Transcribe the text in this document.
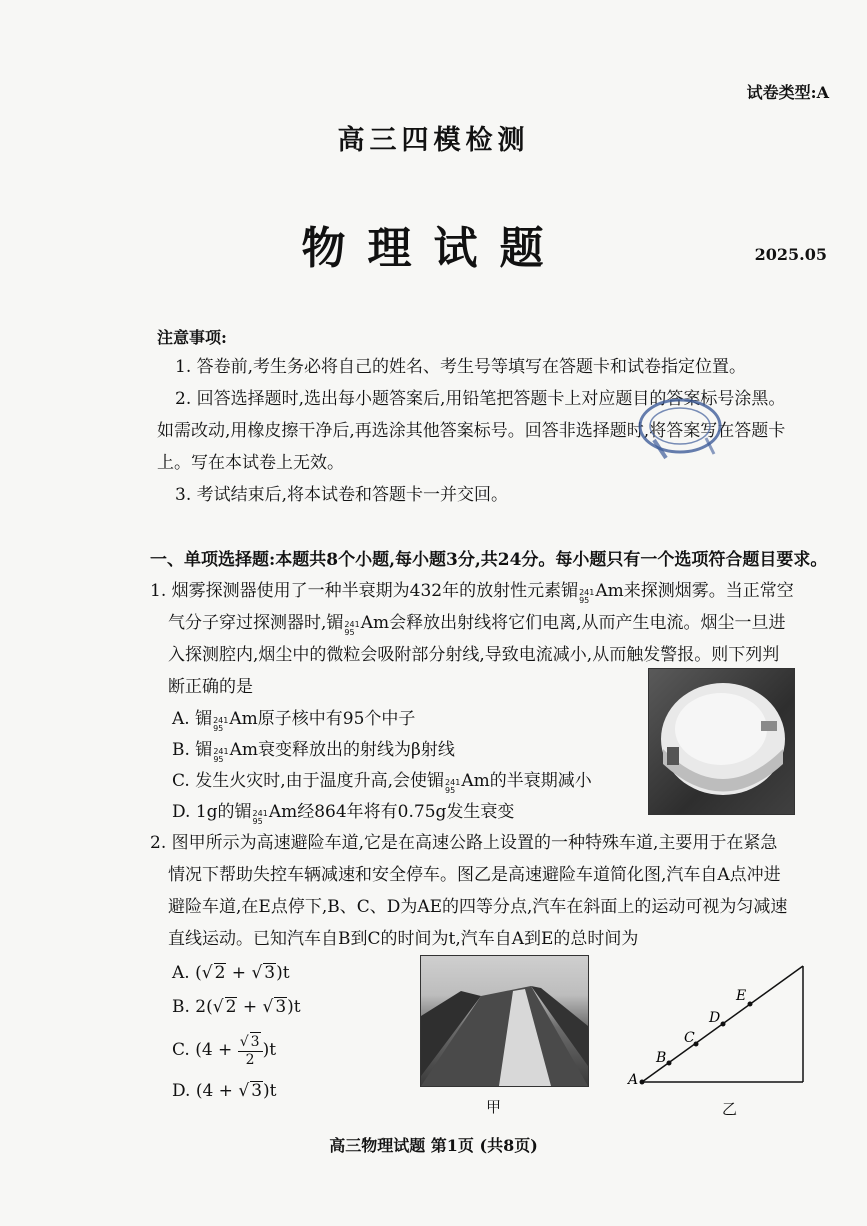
试卷类型:A
高三四模检测
物理试题	2025.05
注意事项:
1. 答卷前,考生务必将自己的姓名、考生号等填写在答题卡和试卷指定位置。
2. 回答选择题时,选出每小题答案后,用铅笔把答题卡上对应题目的答案标号涂黑。
如需改动,用橡皮擦干净后,再选涂其他答案标号。回答非选择题时,将答案写在答题卡
上。写在本试卷上无效。
3. 考试结束后,将本试卷和答题卡一并交回。
一、单项选择题:本题共8个小题,每小题3分,共24分。每小题只有一个选项符合题目要求。
1. 烟雾探测器使用了一种半衰期为432年的放射性元素镅 241
95 Am来探测烟雾。当正常空
气分子穿过探测器时,镅 241
95 Am会释放出射线将它们电离,从而产生电流。烟尘一旦进
入探测腔内,烟尘中的微粒会吸附部分射线,导致电流减小,从而触发警报。则下列判
断正确的是
A. 镅 241
95 Am原子核中有95个中子
B. 镅 241
95 Am衰变释放出的射线为β射线
C. 发生火灾时,由于温度升高,会使镅 241
95 Am的半衰期减小
D. 1g的镅 241
95 Am经864年将有0.75g发生衰变
2. 图甲所示为高速避险车道,它是在高速公路上设置的一种特殊车道,主要用于在紧急
情况下帮助失控车辆减速和安全停车。图乙是高速避险车道简化图,汽车自A点冲进
避险车道,在E点停下,B、C、D为AE的四等分点,汽车在斜面上的运动可视为匀减速
直线运动。已知汽车自B到C的时间为t,汽车自A到E的总时间为
A. (√ 2 + √ 3)t
B. 2(√ 2 + √ 3)t
C. $(4 + \frac{√ 3}{2} )t$
D. (4 + √ 3)t
甲
A
B
C
D
E
乙
高三物理试题 第1页 (共8页)
